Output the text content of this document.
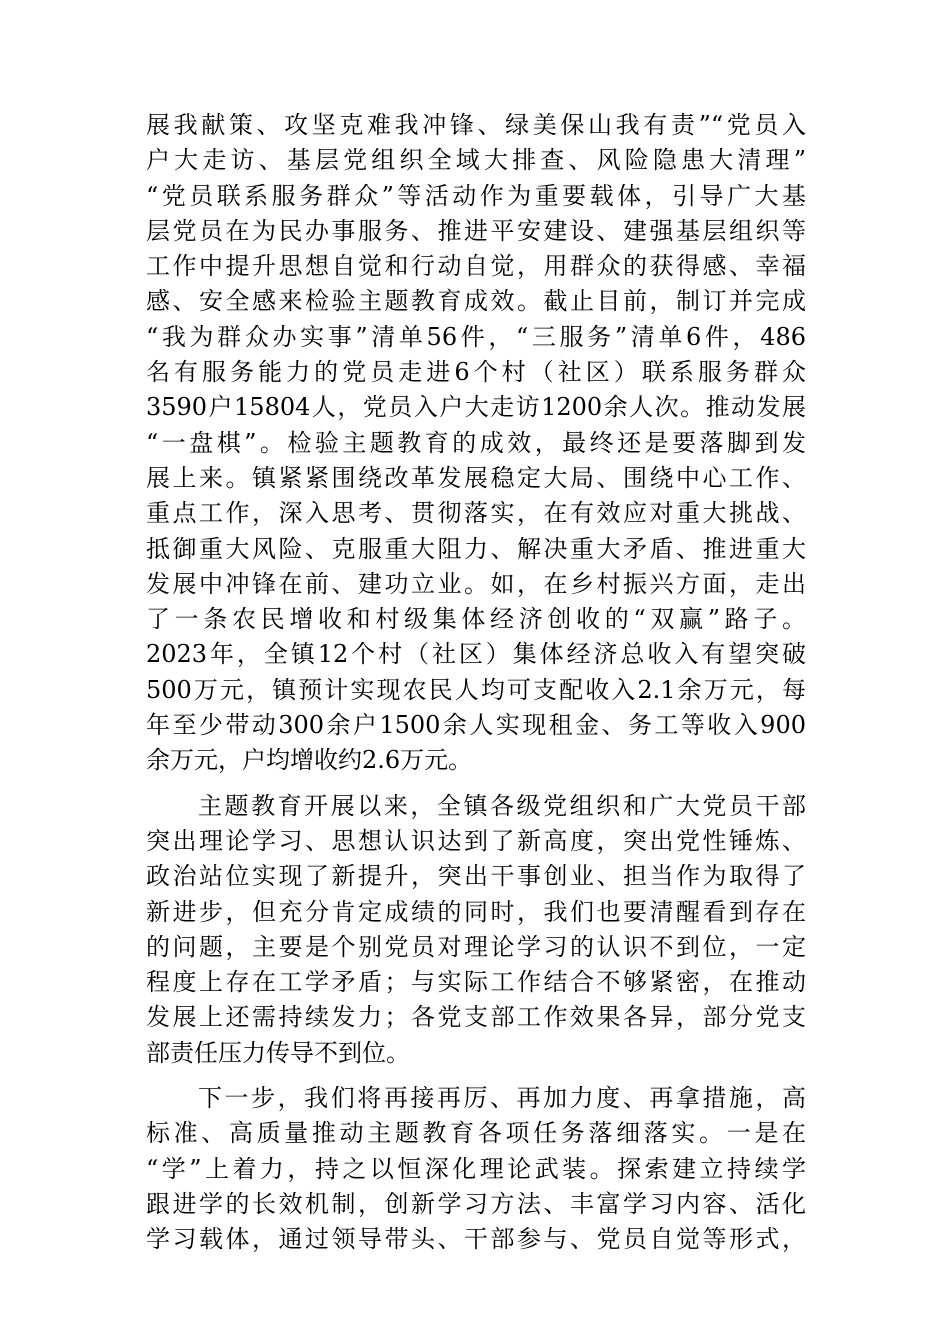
展我献策、攻坚克难我冲锋、绿美保山我有责”“党员入
户大走访、基层党组织全域大排查、风险隐患大清理”
“党员联系服务群众”等活动作为重要载体，引导广大基
层党员在为民办事服务、推进平安建设、建强基层组织等
工作中提升思想自觉和行动自觉，用群众的获得感、幸福
感、安全感来检验主题教育成效。截止目前，制订并完成
“我为群众办实事”清单56件，“三服务”清单6件，486
名有服务能力的党员走进6个村（社区）联系服务群众
3590户15804人，党员入户大走访1200余人次。推动发展
“一盘棋”。检验主题教育的成效，最终还是要落脚到发
展上来。镇紧紧围绕改革发展稳定大局、围绕中心工作、
重点工作，深入思考、贯彻落实，在有效应对重大挑战、
抵御重大风险、克服重大阻力、解决重大矛盾、推进重大
发展中冲锋在前、建功立业。如，在乡村振兴方面，走出
了一条农民增收和村级集体经济创收的“双赢”路子。
2023年，全镇12个村（社区）集体经济总收入有望突破
500万元，镇预计实现农民人均可支配收入2.1余万元，每
年至少带动300余户1500余人实现租金、务工等收入900
余万元，户均增收约2.6万元。
主题教育开展以来，全镇各级党组织和广大党员干部
突出理论学习、思想认识达到了新高度，突出党性锤炼、
政治站位实现了新提升，突出干事创业、担当作为取得了
新进步，但充分肯定成绩的同时，我们也要清醒看到存在
的问题，主要是个别党员对理论学习的认识不到位，一定
程度上存在工学矛盾；与实际工作结合不够紧密，在推动
发展上还需持续发力；各党支部工作效果各异，部分党支
部责任压力传导不到位。
下一步，我们将再接再厉、再加力度、再拿措施，高
标准、高质量推动主题教育各项任务落细落实。一是在
“学”上着力，持之以恒深化理论武装。探索建立持续学
跟进学的长效机制，创新学习方法、丰富学习内容、活化
学习载体，通过领导带头、干部参与、党员自觉等形式，
